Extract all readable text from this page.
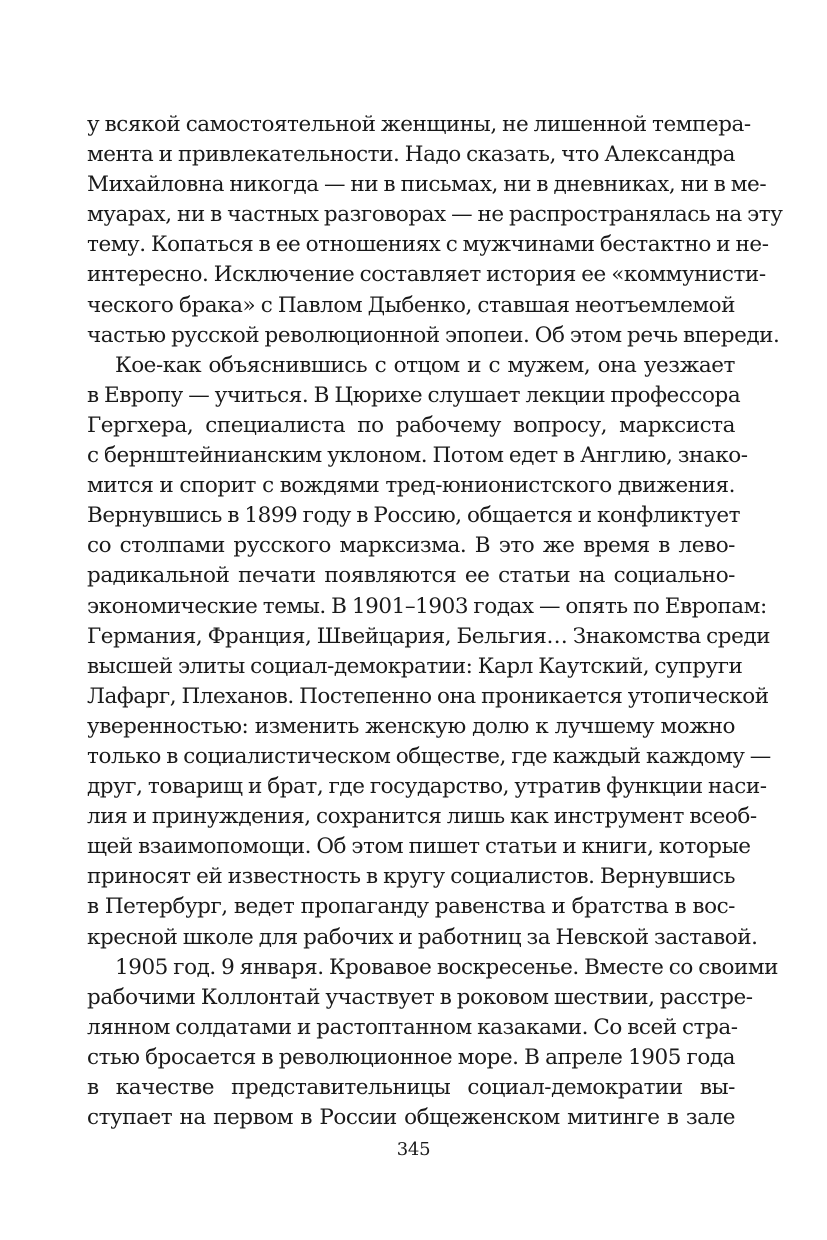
у всякой самостоятельной женщины, не лишенной темпера-
мента и привлекательности. Надо сказать, что Александра
Михайловна никогда — ни в письмах, ни в дневниках, ни в ме-
муарах, ни в частных разговорах — не распространялась на эту
тему. Копаться в ее отношениях с мужчинами бестактно и не-
интересно. Исключение составляет история ее «коммунисти-
ческого брака» с Павлом Дыбенко, ставшая неотъемлемой
частью русской революционной эпопеи. Об этом речь впереди.
Кое-как объяснившись с отцом и с мужем, она уезжает
в Европу — учиться. В Цюрихе слушает лекции профессора
Гергхера, специалиста по рабочему вопросу, марксиста
с бернштейнианским уклоном. Потом едет в Англию, знако-
мится и спорит с вождями тред-юнионистского движения.
Вернувшись в 1899 году в Россию, общается и конфликтует
со столпами русского марксизма. В это же время в лево-
радикальной печати появляются ее статьи на социально-
экономические темы. В 1901–1903 годах — опять по Европам:
Германия, Франция, Швейцария, Бельгия… Знакомства среди
высшей элиты социал-демократии: Карл Каутский, супруги
Лафарг, Плеханов. Постепенно она проникается утопической
уверенностью: изменить женскую долю к лучшему можно
только в социалистическом обществе, где каждый каждому —
друг, товарищ и брат, где государство, утратив функции наси-
лия и принуждения, сохранится лишь как инструмент всеоб-
щей взаимопомощи. Об этом пишет статьи и книги, которые
приносят ей известность в кругу социалистов. Вернувшись
в Петербург, ведет пропаганду равенства и братства в вос-
кресной школе для рабочих и работниц за Невской заставой.
1905 год. 9 января. Кровавое воскресенье. Вместе со своими
рабочими Коллонтай участвует в роковом шествии, расстре-
лянном солдатами и растоптанном казаками. Со всей стра-
стью бросается в революционное море. В апреле 1905 года
в качестве представительницы социал-демократии вы-
ступает на первом в России общеженском митинге в зале
345
